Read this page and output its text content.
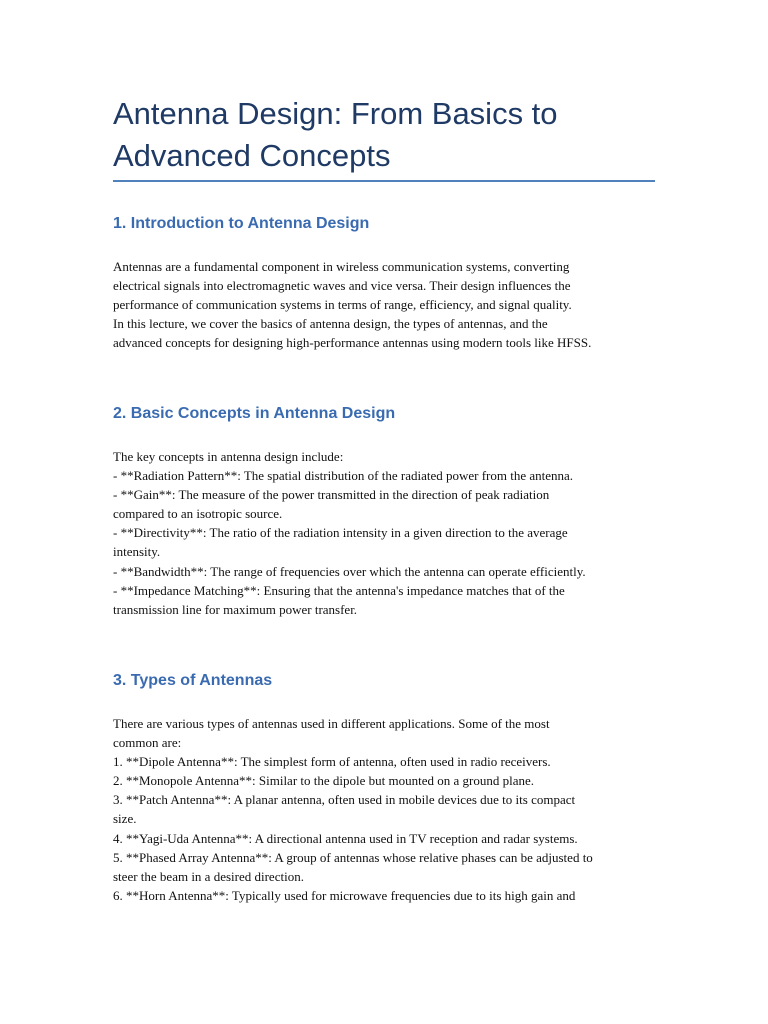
Antenna Design: From Basics to
Advanced Concepts
1. Introduction to Antenna Design

Antennas are a fundamental component in wireless communication systems, converting
electrical signals into electromagnetic waves and vice versa. Their design influences the
performance of communication systems in terms of range, efficiency, and signal quality.
In this lecture, we cover the basics of antenna design, the types of antennas, and the
advanced concepts for designing high-performance antennas using modern tools like HFSS.

2. Basic Concepts in Antenna Design

The key concepts in antenna design include:
- **Radiation Pattern**: The spatial distribution of the radiated power from the antenna.
- **Gain**: The measure of the power transmitted in the direction of peak radiation
compared to an isotropic source.
- **Directivity**: The ratio of the radiation intensity in a given direction to the average
intensity.
- **Bandwidth**: The range of frequencies over which the antenna can operate efficiently.
- **Impedance Matching**: Ensuring that the antenna's impedance matches that of the
transmission line for maximum power transfer.

3. Types of Antennas

There are various types of antennas used in different applications. Some of the most
common are:
1. **Dipole Antenna**: The simplest form of antenna, often used in radio receivers.
2. **Monopole Antenna**: Similar to the dipole but mounted on a ground plane.
3. **Patch Antenna**: A planar antenna, often used in mobile devices due to its compact
size.
4. **Yagi-Uda Antenna**: A directional antenna used in TV reception and radar systems.
5. **Phased Array Antenna**: A group of antennas whose relative phases can be adjusted to
steer the beam in a desired direction.
6. **Horn Antenna**: Typically used for microwave frequencies due to its high gain and
